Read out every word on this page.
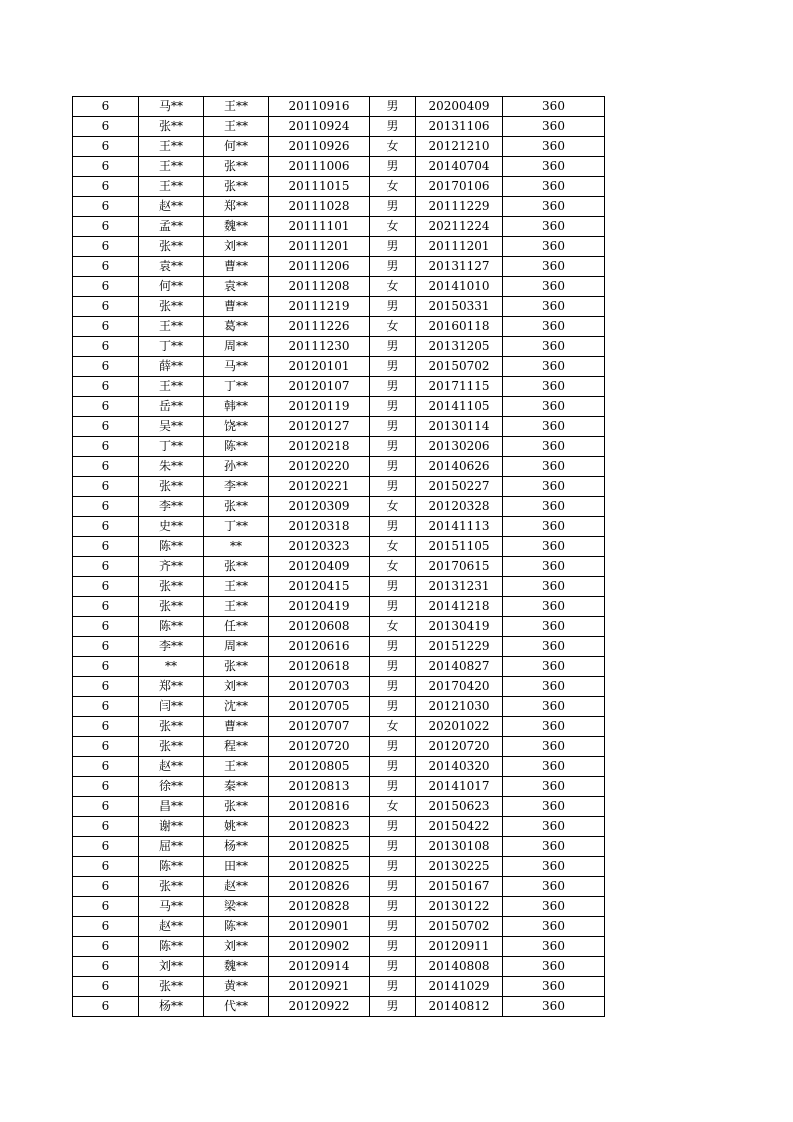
6	马**	王**	20110916	男	20200409	360
6	张**	王**	20110924	男	20131106	360
6	王**	何**	20110926	女	20121210	360
6	王**	张**	20111006	男	20140704	360
6	王**	张**	20111015	女	20170106	360
6	赵**	郑**	20111028	男	20111229	360
6	孟**	魏**	20111101	女	20211224	360
6	张**	刘**	20111201	男	20111201	360
6	袁**	曹**	20111206	男	20131127	360
6	何**	袁**	20111208	女	20141010	360
6	张**	曹**	20111219	男	20150331	360
6	王**	葛**	20111226	女	20160118	360
6	丁**	周**	20111230	男	20131205	360
6	薛**	马**	20120101	男	20150702	360
6	王**	丁**	20120107	男	20171115	360
6	岳**	韩**	20120119	男	20141105	360
6	吴**	饶**	20120127	男	20130114	360
6	丁**	陈**	20120218	男	20130206	360
6	朱**	孙**	20120220	男	20140626	360
6	张**	李**	20120221	男	20150227	360
6	李**	张**	20120309	女	20120328	360
6	史**	丁**	20120318	男	20141113	360
6	陈**	**	20120323	女	20151105	360
6	齐**	张**	20120409	女	20170615	360
6	张**	王**	20120415	男	20131231	360
6	张**	王**	20120419	男	20141218	360
6	陈**	任**	20120608	女	20130419	360
6	李**	周**	20120616	男	20151229	360
6	**	张**	20120618	男	20140827	360
6	郑**	刘**	20120703	男	20170420	360
6	闫**	沈**	20120705	男	20121030	360
6	张**	曹**	20120707	女	20201022	360
6	张**	程**	20120720	男	20120720	360
6	赵**	王**	20120805	男	20140320	360
6	徐**	秦**	20120813	男	20141017	360
6	昌**	张**	20120816	女	20150623	360
6	谢**	姚**	20120823	男	20150422	360
6	屈**	杨**	20120825	男	20130108	360
6	陈**	田**	20120825	男	20130225	360
6	张**	赵**	20120826	男	20150167	360
6	马**	梁**	20120828	男	20130122	360
6	赵**	陈**	20120901	男	20150702	360
6	陈**	刘**	20120902	男	20120911	360
6	刘**	魏**	20120914	男	20140808	360
6	张**	黄**	20120921	男	20141029	360
6	杨**	代**	20120922	男	20140812	360
